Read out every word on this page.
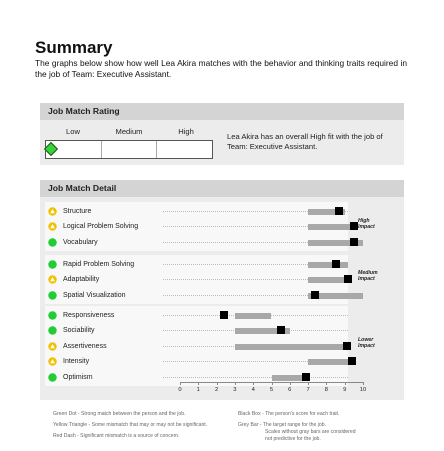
Summary
The graphs below show how well Lea Akira matches with the behavior and thinking traits required in the job of Team: Executive Assistant.
Job Match Rating
Low	Medium	High
Lea Akira has an overall High fit with the job of Team: Executive Assistant.
Job Match Detail
Structure
Logical Problem Solving
Vocabulary
Rapid Problem Solving
Adaptability
Spatial Visualization
Responsiveness
Sociability
Assertiveness
Intensity
Optimism
0	1	2	3	4	5	6	7	8	9 10
High
Impact
Medium
Impact
Lower
Impact
Green Dot - Strong match between the person and the job.
Yellow Triangle - Some mismatch that may or may not be significant.
Red Dash - Significant mismatch is a source of concern.
Black Box - The person's score for each trait.
Grey Bar - The target range for the job.
Scales without gray bars are considered
not predictive for the job.
